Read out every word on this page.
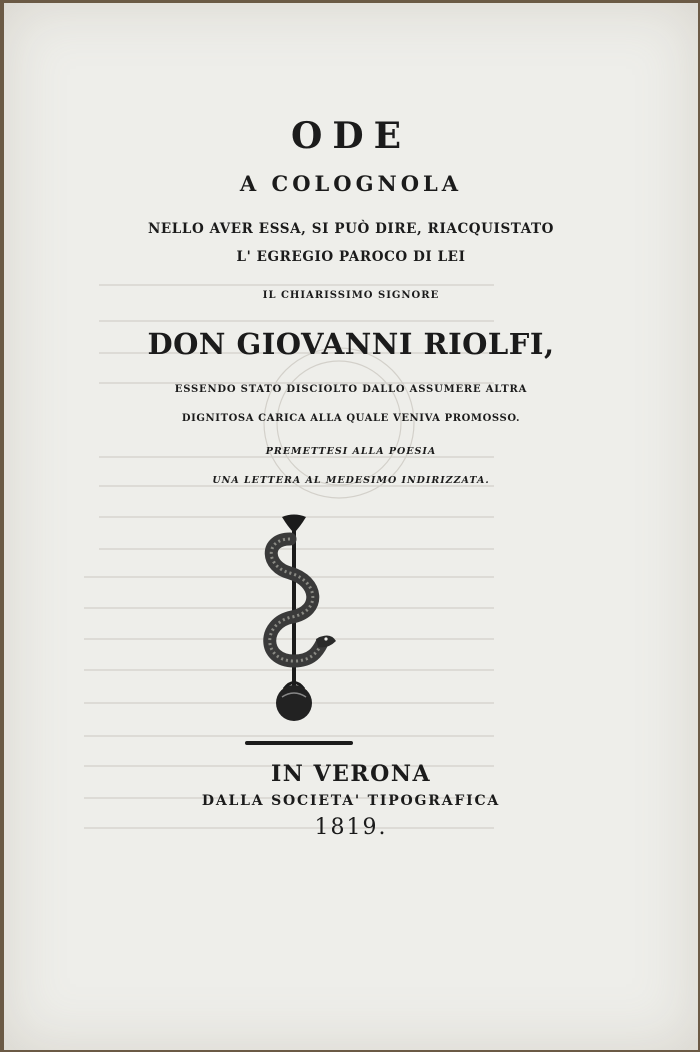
ODE
A COLOGNOLA
NELLO AVER ESSA, SI PUÒ DIRE, RIACQUISTATO
L' EGREGIO PAROCO DI LEI
IL CHIARISSIMO SIGNORE
DON GIOVANNI RIOLFI,
ESSENDO STATO DISCIOLTO DALLO ASSUMERE ALTRA
DIGNITOSA CARICA ALLA QUALE VENIVA PROMOSSO.
PREMETTESI ALLA POESIA
UNA LETTERA AL MEDESIMO INDIRIZZATA.
IN VERONA
DALLA SOCIETA' TIPOGRAFICA
1819.
